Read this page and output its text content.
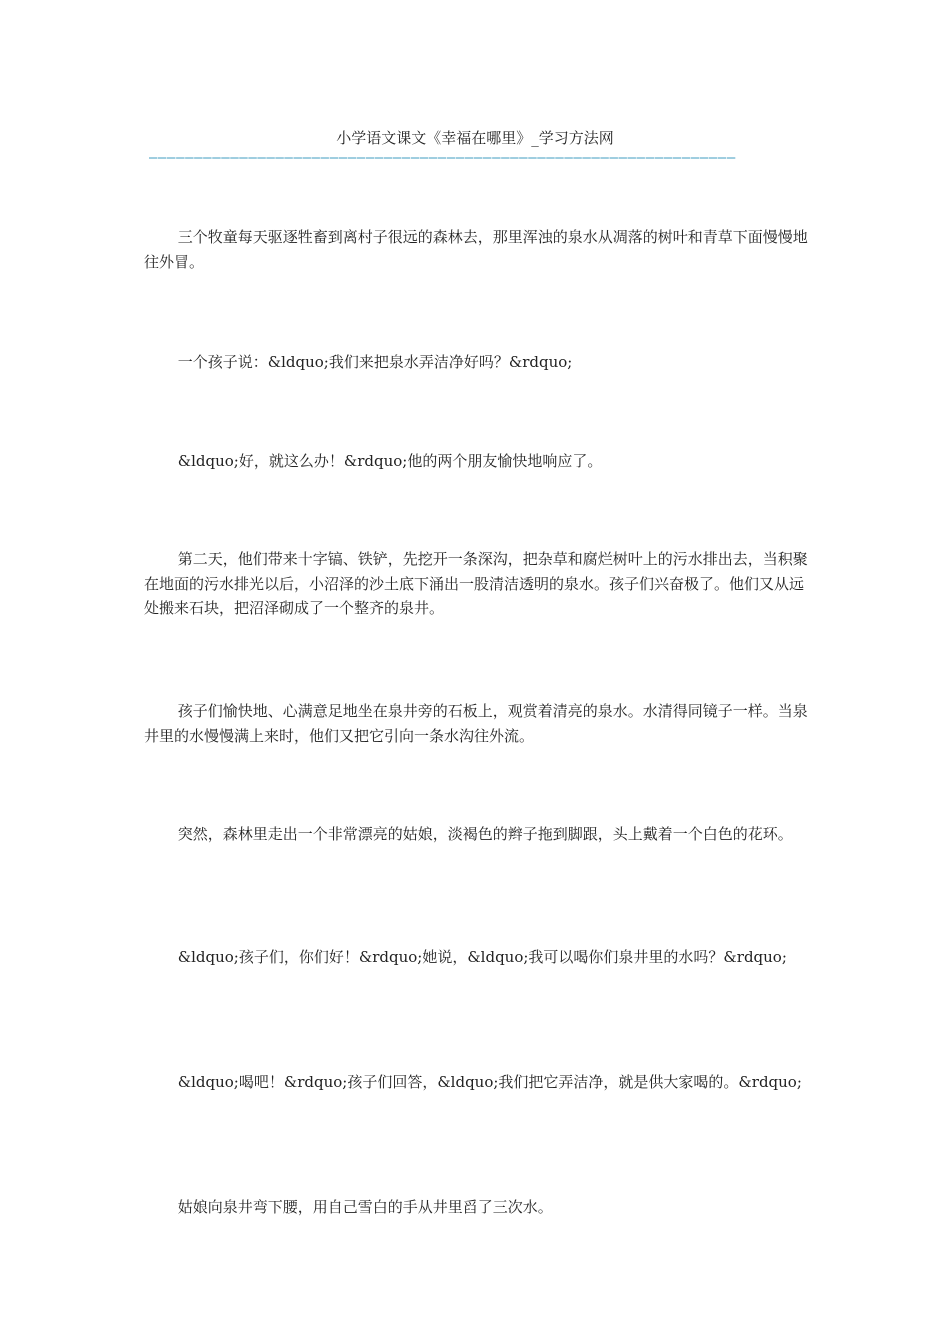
小学语文课文《幸福在哪里》_学习方法网
—————————————————————————————————————————————————————————————————

三个牧童每天驱逐牲畜到离村子很远的森林去，那里浑浊的泉水从凋落的树叶和青草下面慢慢地往外冒。

一个孩子说：&ldquo;我们来把泉水弄洁净好吗？&rdquo;

&ldquo;好，就这么办！&rdquo;他的两个朋友愉快地响应了。

第二天，他们带来十字镐、铁铲，先挖开一条深沟，把杂草和腐烂树叶上的污水排出去，当积聚在地面的污水排光以后，小沼泽的沙土底下涌出一股清洁透明的泉水。孩子们兴奋极了。他们又从远处搬来石块，把沼泽砌成了一个整齐的泉井。

孩子们愉快地、心满意足地坐在泉井旁的石板上，观赏着清亮的泉水。水清得同镜子一样。当泉井里的水慢慢满上来时，他们又把它引向一条水沟往外流。

突然，森林里走出一个非常漂亮的姑娘，淡褐色的辫子拖到脚跟，头上戴着一个白色的花环。

&ldquo;孩子们，你们好！&rdquo;她说，&ldquo;我可以喝你们泉井里的水吗？&rdquo;

&ldquo;喝吧！&rdquo;孩子们回答，&ldquo;我们把它弄洁净，就是供大家喝的。&rdquo;

姑娘向泉井弯下腰，用自己雪白的手从井里舀了三次水。
